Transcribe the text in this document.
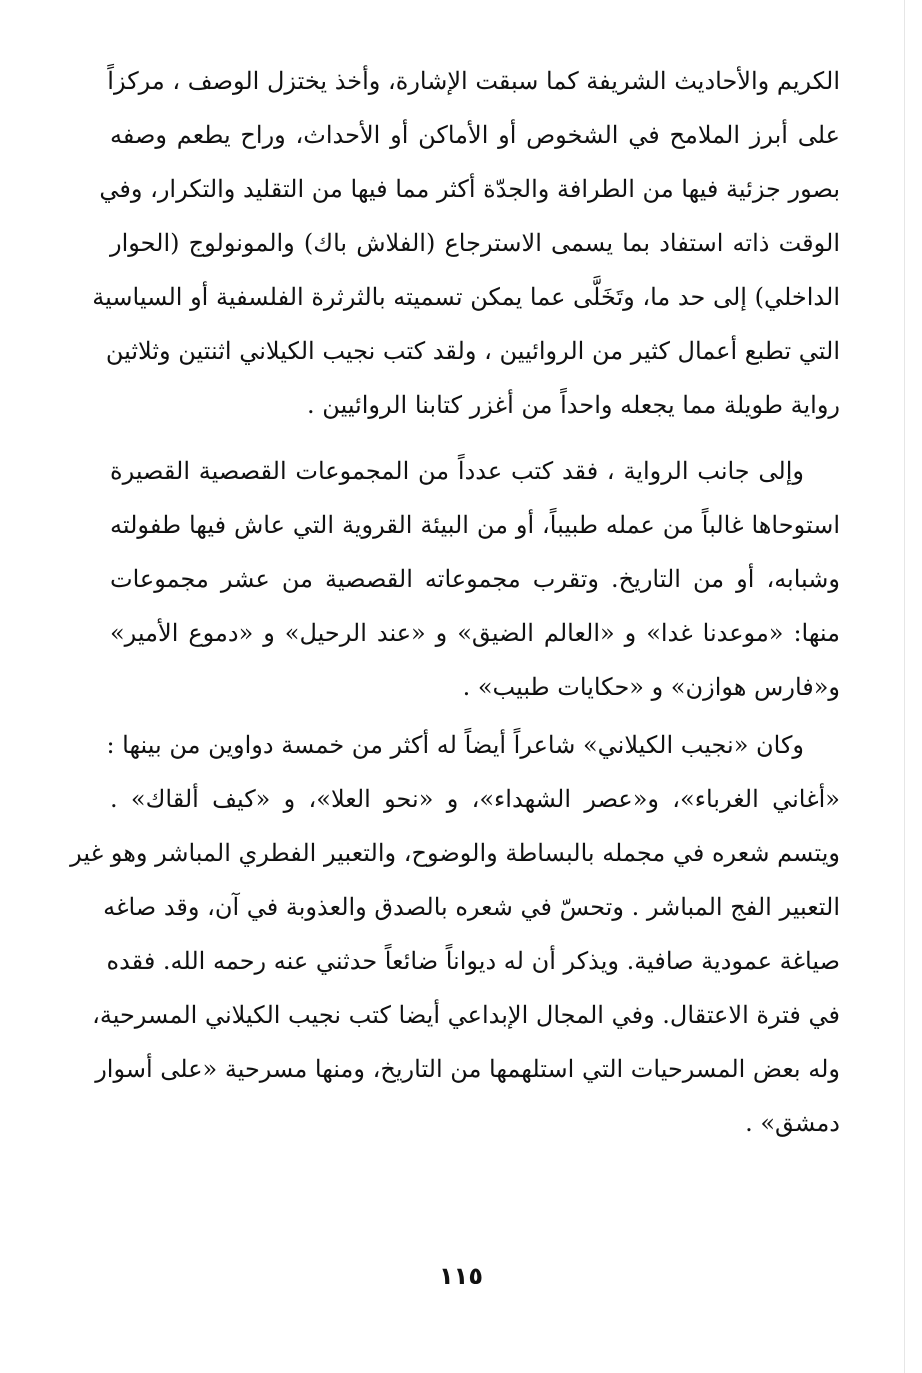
الكريم والأحاديث الشريفة كما سبقت الإشارة، وأخذ يختزل الوصف ، مركزاً
على أبرز الملامح في الشخوص أو الأماكن أو الأحداث، وراح يطعم وصفه
بصور جزئية فيها من الطرافة والجدّة أكثر مما فيها من التقليد والتكرار، وفي
الوقت ذاته استفاد بما يسمى الاسترجاع (الفلاش باك) والمونولوج (الحوار
الداخلي) إلى حد ما، وتَخَلَّى عما يمكن تسميته بالثرثرة الفلسفية أو السياسية
التي تطبع أعمال كثير من الروائيين ، ولقد كتب نجيب الكيلاني اثنتين وثلاثين
رواية طويلة مما يجعله واحداً من أغزر كتابنا الروائيين .
وإلى جانب الرواية ، فقد كتب عدداً من المجموعات القصصية القصيرة
استوحاها غالباً من عمله طبيباً، أو من البيئة القروية التي عاش فيها طفولته
وشبابه، أو من التاريخ. وتقرب مجموعاته القصصية من عشر مجموعات
منها: «موعدنا غدا» و «العالم الضيق» و «عند الرحيل» و «دموع الأمير»
و«فارس هوازن» و «حكايات طبيب» .
وكان «نجيب الكيلاني» شاعراً أيضاً له أكثر من خمسة دواوين من بينها :
«أغاني الغرباء»، و«عصر الشهداء»، و «نحو العلا»، و «كيف ألقاك» .
ويتسم شعره في مجمله بالبساطة والوضوح، والتعبير الفطري المباشر وهو غير
التعبير الفج المباشر . وتحسّ في شعره بالصدق والعذوبة في آن، وقد صاغه
صياغة عمودية صافية. ويذكر أن له ديواناً ضائعاً حدثني عنه رحمه الله. فقده
في فترة الاعتقال. وفي المجال الإبداعي أيضا كتب نجيب الكيلاني المسرحية،
وله بعض المسرحيات التي استلهمها من التاريخ، ومنها مسرحية «على أسوار
دمشق» .
١١٥
